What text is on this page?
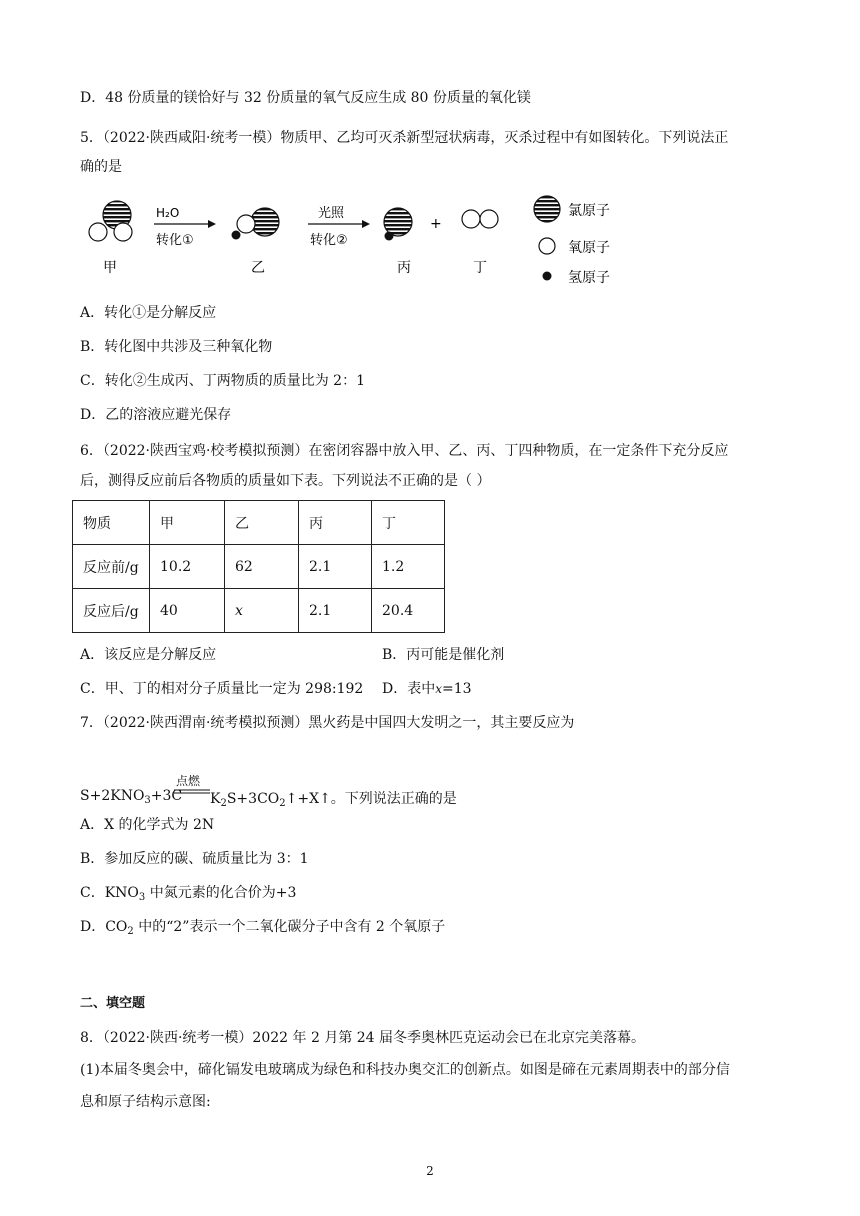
D．48 份质量的镁恰好与 32 份质量的氧气反应生成 80 份质量的氧化镁
5．（2022·陕西咸阳·统考一模）物质甲、乙均可灭杀新型冠状病毒，灭杀过程中有如图转化。下列说法正
确的是
甲
H₂O
转化①
乙
光照
转化②
丙
+
丁
氯原子
氧原子
氢原子
A．转化①是分解反应
B．转化图中共涉及三种氧化物
C．转化②生成丙、丁两物质的质量比为 2：1
D．乙的溶液应避光保存
6．（2022·陕西宝鸡·校考模拟预测）在密闭容器中放入甲、乙、丙、丁四种物质，在一定条件下充分反应
后，测得反应前后各物质的质量如下表。下列说法不正确的是（ ）
物质	甲	乙	丙	丁
反应前/g	10.2	62	2.1	1.2
反应后/g	40	x	2.1	20.4
A．该反应是分解反应	B．丙可能是催化剂
C．甲、丁的相对分子质量比一定为 298:192 D．表中x=13
7．（2022·陕西渭南·统考模拟预测）黑火药是中国四大发明之一，其主要反应为
$S+2KNO_3+3C$
点燃
$K_2S+3CO_2↑+X↑$。下列说法正确的是
A．X 的化学式为 2N
B．参加反应的碳、硫质量比为 3：1
C．$KNO_3$ 中氮元素的化合价为+3
D．$CO_2$ 中的“2”表示一个二氧化碳分子中含有 2 个氧原子
二、填空题
8．（2022·陕西·统考一模）2022 年 2 月第 24 届冬季奥林匹克运动会已在北京完美落幕。
(1)本届冬奥会中，碲化镉发电玻璃成为绿色和科技办奥交汇的创新点。如图是碲在元素周期表中的部分信
息和原子结构示意图:
2
